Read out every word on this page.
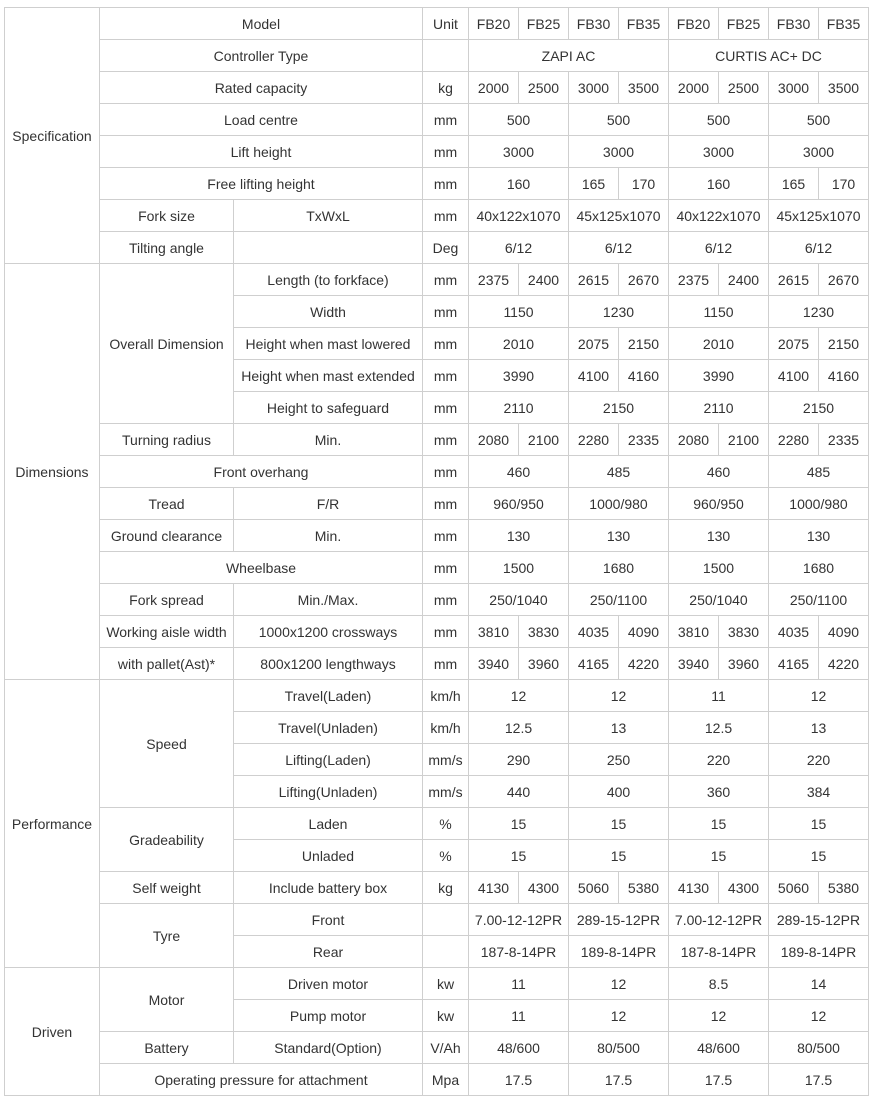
Specification	Model		Unit	FB20	FB25	FB30	FB35	FB20	FB25	FB30	FB35
	Controller Type			ZAPI AC				CURTIS AC+ DC			
	Rated capacity		kg	2000	2500	3000	3500	2000	2500	3000	3500
	Load centre		mm	500		500		500		500	
	Lift height		mm	3000		3000		3000		3000	
	Free lifting height		mm	160		165	170	160		165	170
	Fork size	TxWxL	mm	40x122x1070		45x125x1070		40x122x1070		45x125x1070	
	Tilting angle		Deg	6/12		6/12		6/12		6/12	
Dimensions	Overall Dimension	Length (to forkface)	mm	2375	2400	2615	2670	2375	2400	2615	2670
		Width	mm	1150		1230		1150		1230	
		Height when mast lowered	mm	2010		2075	2150	2010		2075	2150
		Height when mast extended	mm	3990		4100	4160	3990		4100	4160
		Height to safeguard	mm	2110		2150		2110		2150	
	Turning radius	Min.	mm	2080	2100	2280	2335	2080	2100	2280	2335
	Front overhang		mm	460		485		460		485	
	Tread	F/R	mm	960/950		1000/980		960/950		1000/980	
	Ground clearance	Min.	mm	130		130		130		130	
	Wheelbase		mm	1500		1680		1500		1680	
	Fork spread	Min./Max.	mm	250/1040		250/1100		250/1040		250/1100	
	Working aisle width	1000x1200 crossways	mm	3810	3830	4035	4090	3810	3830	4035	4090
	with pallet(Ast)*	800x1200 lengthways	mm	3940	3960	4165	4220	3940	3960	4165	4220
Performance	Speed	Travel(Laden)	km/h	12		12		11		12	
		Travel(Unladen)	km/h	12.5		13		12.5		13	
		Lifting(Laden)	mm/s	290		250		220		220	
		Lifting(Unladen)	mm/s	440		400		360		384	
	Gradeability	Laden	%	15		15		15		15	
		Unladed	%	15		15		15		15	
	Self weight	Include battery box	kg	4130	4300	5060	5380	4130	4300	5060	5380
	Tyre	Front		7.00-12-12PR		289-15-12PR		7.00-12-12PR		289-15-12PR	
		Rear		187-8-14PR		189-8-14PR		187-8-14PR		189-8-14PR	
Driven	Motor	Driven motor	kw	11		12		8.5		14	
		Pump motor	kw	11		12		12		12	
	Battery	Standard(Option)	V/Ah	48/600		80/500		48/600		80/500	
	Operating pressure for attachment		Mpa	17.5		17.5		17.5		17.5	
